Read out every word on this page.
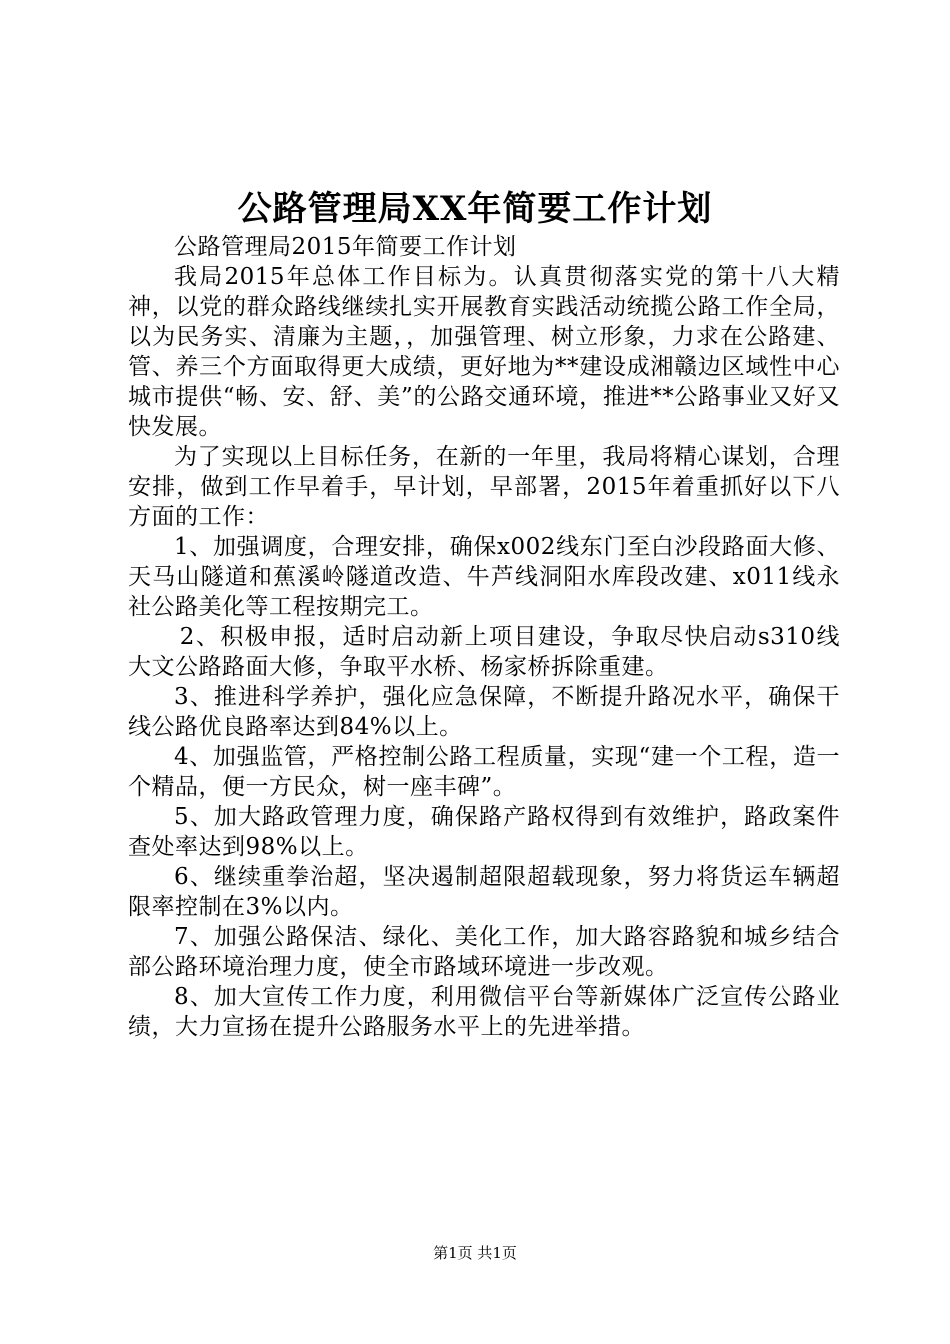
公路管理局XX年简要工作计划

公路管理局2015年简要工作计划

我局2015年总体工作目标为。认真贯彻落实党的第十八大精神，以党的群众路线继续扎实开展教育实践活动统揽公路工作全局，以为民务实、清廉为主题，，加强管理、树立形象，力求在公路建、管、养三个方面取得更大成绩，更好地为**建设成湘赣边区域性中心城市提供“畅、安、舒、美”的公路交通环境，推进**公路事业又好又快发展。

为了实现以上目标任务，在新的一年里，我局将精心谋划，合理安排，做到工作早着手，早计划，早部署，2015年着重抓好以下八方面的工作：

1、加强调度，合理安排，确保x002线东门至白沙段路面大修、天马山隧道和蕉溪岭隧道改造、牛芦线洞阳水库段改建、x011线永社公路美化等工程按期完工。

2、积极申报，适时启动新上项目建设，争取尽快启动s310线大文公路路面大修，争取平水桥、杨家桥拆除重建。

3、推进科学养护，强化应急保障，不断提升路况水平，确保干线公路优良路率达到84%以上。

4、加强监管，严格控制公路工程质量，实现“建一个工程，造一个精品，便一方民众，树一座丰碑”。

5、加大路政管理力度，确保路产路权得到有效维护，路政案件查处率达到98%以上。

6、继续重拳治超，坚决遏制超限超载现象，努力将货运车辆超限率控制在3%以内。

7、加强公路保洁、绿化、美化工作，加大路容路貌和城乡结合部公路环境治理力度，使全市路域环境进一步改观。

8、加大宣传工作力度，利用微信平台等新媒体广泛宣传公路业绩，大力宣扬在提升公路服务水平上的先进举措。

第1页 共1页
